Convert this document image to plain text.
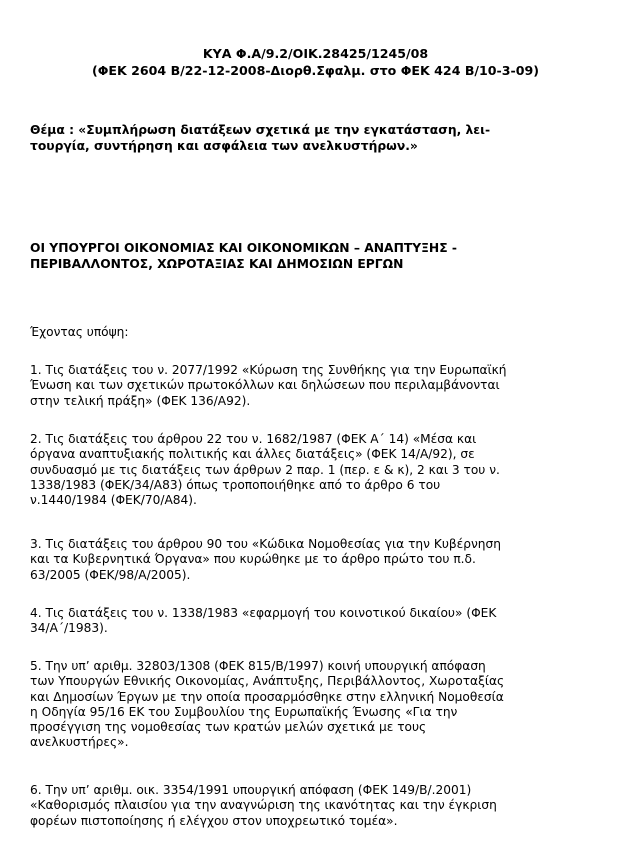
ΚΥΑ Φ.Α/9.2/ΟΙΚ.28425/1245/08
(ΦΕΚ 2604 Β/22-12-2008-Διορθ.Σφαλμ. στο ΦΕΚ 424 Β/10-3-09)
Θέμα : «Συμπλήρωση διατάξεων σχετικά με την εγκατάσταση, λει-
τουργία, συντήρηση και ασφάλεια των ανελκυστήρων.»
ΟΙ ΥΠΟΥΡΓΟΙ ΟΙΚΟΝΟΜΙΑΣ ΚΑΙ ΟΙΚΟΝΟΜΙΚΩΝ – ΑΝΑΠΤΥΞΗΣ -
ΠΕΡΙΒΑΛΛΟΝΤΟΣ, ΧΩΡΟΤΑΞΙΑΣ ΚΑΙ ΔΗΜΟΣΙΩΝ ΕΡΓΩΝ
Έχοντας υπόψη:
1. Τις διατάξεις του ν. 2077/1992 «Κύρωση της Συνθήκης για την Ευρωπαϊκή
Ένωση και των σχετικών πρωτοκόλλων και δηλώσεων που περιλαμβάνονται
στην τελική πράξη» (ΦΕΚ 136/Α92).
2. Τις διατάξεις του άρθρου 22 του ν. 1682/1987 (ΦΕΚ Α΄ 14) «Μέσα και
όργανα αναπτυξιακής πολιτικής και άλλες διατάξεις» (ΦΕΚ 14/Α/92), σε
συνδυασμό με τις διατάξεις των άρθρων 2 παρ. 1 (περ. ε & κ), 2 και 3 του ν.
1338/1983 (ΦΕΚ/34/Α83) όπως τροποποιήθηκε από το άρθρο 6 του
ν.1440/1984 (ΦΕΚ/70/Α84).
3. Τις διατάξεις του άρθρου 90 του «Κώδικα Νομοθεσίας για την Κυβέρνηση
και τα Κυβερνητικά Όργανα» που κυρώθηκε με το άρθρο πρώτο του π.δ.
63/2005 (ΦΕΚ/98/Α/2005).
4. Τις διατάξεις του ν. 1338/1983 «εφαρμογή του κοινοτικού δικαίου» (ΦΕΚ
34/Α΄/1983).
5. Την υπ’ αριθμ. 32803/1308 (ΦΕΚ 815/Β/1997) κοινή υπουργική απόφαση
των Υπουργών Εθνικής Οικονομίας, Ανάπτυξης, Περιβάλλοντος, Χωροταξίας
και Δημοσίων Έργων με την οποία προσαρμόσθηκε στην ελληνική Νομοθεσία
η Οδηγία 95/16 ΕΚ του Συμβουλίου της Ευρωπαϊκής Ένωσης «Για την
προσέγγιση της νομοθεσίας των κρατών μελών σχετικά με τους
ανελκυστήρες».
6. Την υπ’ αριθμ. οικ. 3354/1991 υπουργική απόφαση (ΦΕΚ 149/Β/.2001)
«Καθορισμός πλαισίου για την αναγνώριση της ικανότητας και την έγκριση
φορέων πιστοποίησης ή ελέγχου στον υποχρεωτικό τομέα».
